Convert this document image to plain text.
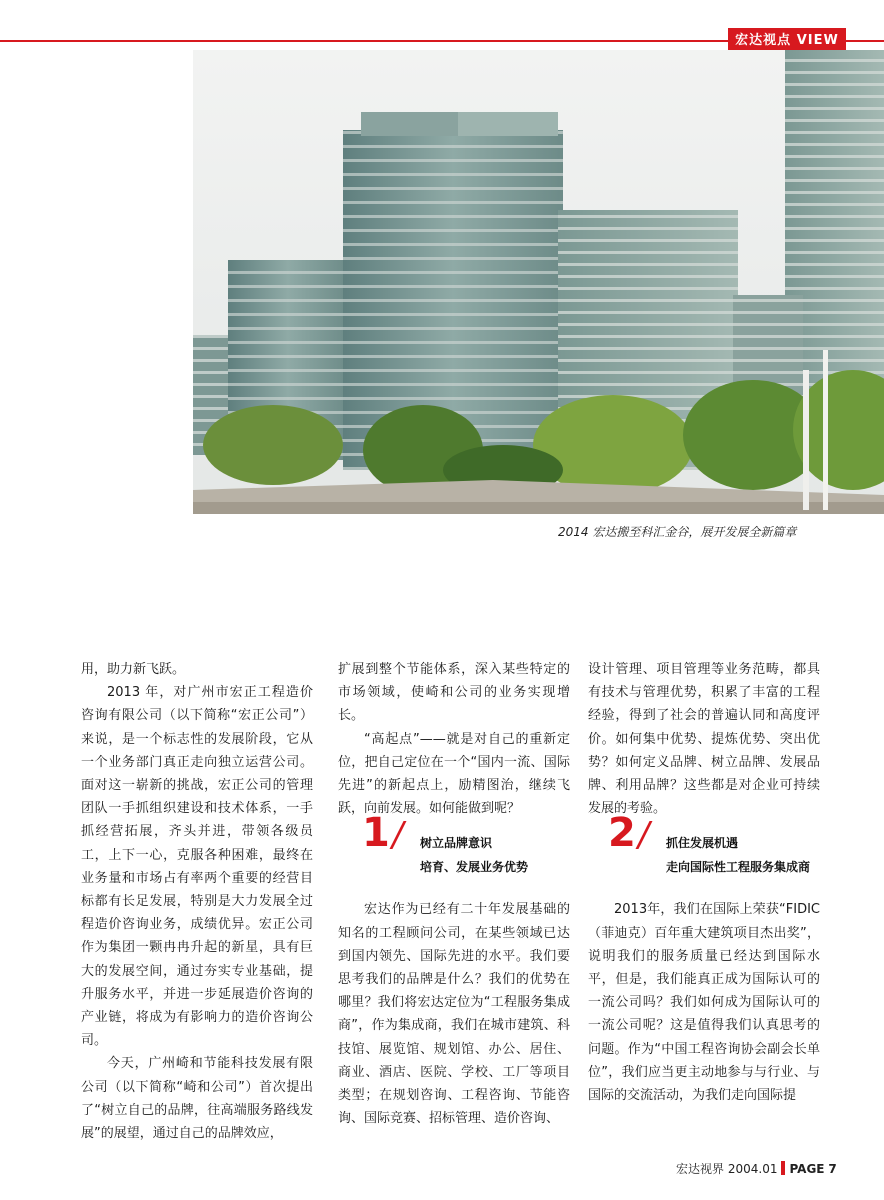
宏达视点 VIEW
2014 宏达搬至科汇金谷，展开发展全新篇章

用，助力新飞跃。

2013 年，对广州市宏正工程造价咨询有限公司（以下简称“宏正公司”）来说，是一个标志性的发展阶段，它从一个业务部门真正走向独立运营公司。面对这一崭新的挑战，宏正公司的管理团队一手抓组织建设和技术体系，一手抓经营拓展，齐头并进，带领各级员工，上下一心，克服各种困难，最终在业务量和市场占有率两个重要的经营目标都有长足发展，特别是大力发展全过程造价咨询业务，成绩优异。宏正公司作为集团一颗冉冉升起的新星，具有巨大的发展空间，通过夯实专业基础，提升服务水平，并进一步延展造价咨询的产业链，将成为有影响力的造价咨询公司。

今天，广州崎和节能科技发展有限公司（以下简称“崎和公司”）首次提出了“树立自己的品牌，往高端服务路线发展”的展望，通过自己的品牌效应，

扩展到整个节能体系，深入某些特定的市场领域，使崎和公司的业务实现增长。

“高起点”——就是对自己的重新定位，把自己定位在一个“国内一流、国际先进”的新起点上，励精图治，继续飞跃，向前发展。如何能做到呢？

1 / 树立品牌意识
培育、发展业务优势

宏达作为已经有二十年发展基础的知名的工程顾问公司，在某些领域已达到国内领先、国际先进的水平。我们要思考我们的品牌是什么？我们的优势在哪里？我们将宏达定位为“工程服务集成商”，作为集成商，我们在城市建筑、科技馆、展览馆、规划馆、办公、居住、商业、酒店、医院、学校、工厂等项目类型；在规划咨询、工程咨询、节能咨询、国际竞赛、招标管理、造价咨询、

设计管理、项目管理等业务范畴，都具有技术与管理优势，积累了丰富的工程经验，得到了社会的普遍认同和高度评价。如何集中优势、提炼优势、突出优势？如何定义品牌、树立品牌、发展品牌、利用品牌？这些都是对企业可持续发展的考验。

2 / 抓住发展机遇
走向国际性工程服务集成商

2013年，我们在国际上荣获“FIDIC（菲迪克）百年重大建筑项目杰出奖”，说明我们的服务质量已经达到国际水平，但是，我们能真正成为国际认可的一流公司吗？我们如何成为国际认可的一流公司呢？这是值得我们认真思考的问题。作为“中国工程咨询协会副会长单位”，我们应当更主动地参与与行业、与国际的交流活动，为我们走向国际提

宏达视界 2004.01 PAGE 7
